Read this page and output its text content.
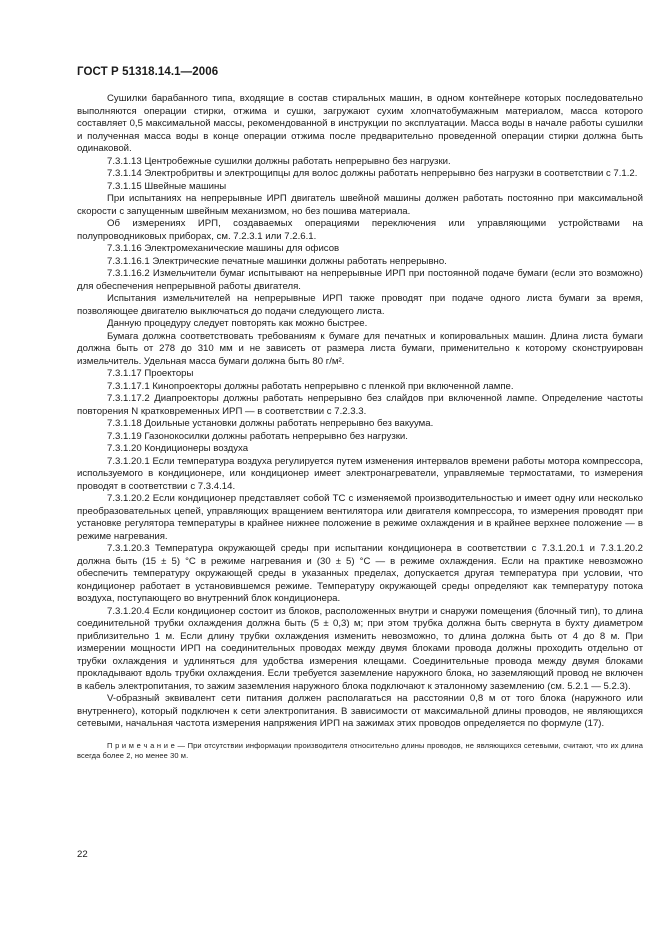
ГОСТ Р 51318.14.1—2006

Сушилки барабанного типа, входящие в состав стиральных машин, в одном контейнере которых последовательно выполняются операции стирки, отжима и сушки, загружают сухим хлопчатобумажным материалом, масса которого составляет 0,5 максимальной массы, рекомендованной в инструкции по эксплуатации. Масса воды в начале работы сушилки и полученная масса воды в конце операции отжима после предварительно проведенной операции стирки должна быть одинаковой.

7.3.1.13 Центробежные сушилки должны работать непрерывно без нагрузки.

7.3.1.14 Электробритвы и электрощипцы для волос должны работать непрерывно без нагрузки в соответствии с 7.1.2.

7.3.1.15 Швейные машины

При испытаниях на непрерывные ИРП двигатель швейной машины должен работать постоянно при максимальной скорости с запущенным швейным механизмом, но без пошива материала.

Об измерениях ИРП, создаваемых операциями переключения или управляющими устройствами на полупроводниковых приборах, см. 7.2.3.1 или 7.2.6.1.

7.3.1.16 Электромеханические машины для офисов

7.3.1.16.1 Электрические печатные машинки должны работать непрерывно.

7.3.1.16.2 Измельчители бумаг испытывают на непрерывные ИРП при постоянной подаче бумаги (если это возможно) для обеспечения непрерывной работы двигателя.

Испытания измельчителей на непрерывные ИРП также проводят при подаче одного листа бумаги за время, позволяющее двигателю выключаться до подачи следующего листа.

Данную процедуру следует повторять как можно быстрее.

Бумага должна соответствовать требованиям к бумаге для печатных и копировальных машин. Длина листа бумаги должна быть от 278 до 310 мм и не зависеть от размера листа бумаги, применительно к которому сконструирован измельчитель. Удельная масса бумаги должна быть 80 г/м².

7.3.1.17 Проекторы

7.3.1.17.1 Кинопроекторы должны работать непрерывно с пленкой при включенной лампе.

7.3.1.17.2 Диапроекторы должны работать непрерывно без слайдов при включенной лампе. Определение частоты повторения N кратковременных ИРП — в соответствии с 7.2.3.3.

7.3.1.18 Доильные установки должны работать непрерывно без вакуума.

7.3.1.19 Газонокосилки должны работать непрерывно без нагрузки.

7.3.1.20 Кондиционеры воздуха

7.3.1.20.1 Если температура воздуха регулируется путем изменения интервалов времени работы мотора компрессора, используемого в кондиционере, или кондиционер имеет электронагреватели, управляемые термостатами, то измерения проводят в соответствии с 7.3.4.14.

7.3.1.20.2 Если кондиционер представляет собой ТС с изменяемой производительностью и имеет одну или несколько преобразовательных цепей, управляющих вращением вентилятора или двигателя компрессора, то измерения проводят при установке регулятора температуры в крайнее нижнее положение в режиме охлаждения и в крайнее верхнее положение — в режиме нагревания.

7.3.1.20.3 Температура окружающей среды при испытании кондиционера в соответствии с 7.3.1.20.1 и 7.3.1.20.2 должна быть (15 ± 5) °С в режиме нагревания и (30 ± 5) °С — в режиме охлаждения. Если на практике невозможно обеспечить температуру окружающей среды в указанных пределах, допускается другая температура при условии, что кондиционер работает в установившемся режиме. Температуру окружающей среды определяют как температуру потока воздуха, поступающего во внутренний блок кондиционера.

7.3.1.20.4 Если кондиционер состоит из блоков, расположенных внутри и снаружи помещения (блочный тип), то длина соединительной трубки охлаждения должна быть (5 ± 0,3) м; при этом трубка должна быть свернута в бухту диаметром приблизительно 1 м. Если длину трубки охлаждения изменить невозможно, то длина должна быть от 4 до 8 м. При измерении мощности ИРП на соединительных проводах между двумя блоками провода должны проходить отдельно от трубки охлаждения и удлиняться для удобства измерения клещами. Соединительные провода между двумя блоками прокладывают вдоль трубки охлаждения. Если требуется заземление наружного блока, но заземляющий провод не включен в кабель электропитания, то зажим заземления наружного блока подключают к эталонному заземлению (см. 5.2.1 — 5.2.3).

V-образный эквивалент сети питания должен располагаться на расстоянии 0,8 м от того блока (наружного или внутреннего), который подключен к сети электропитания. В зависимости от максимальной длины проводов, не являющихся сетевыми, начальная частота измерения напряжения ИРП на зажимах этих проводов определяется по формуле (17).

П р и м е ч а н и е — При отсутствии информации производителя относительно длины проводов, не являющихся сетевыми, считают, что их длина всегда более 2, но менее 30 м.

22
